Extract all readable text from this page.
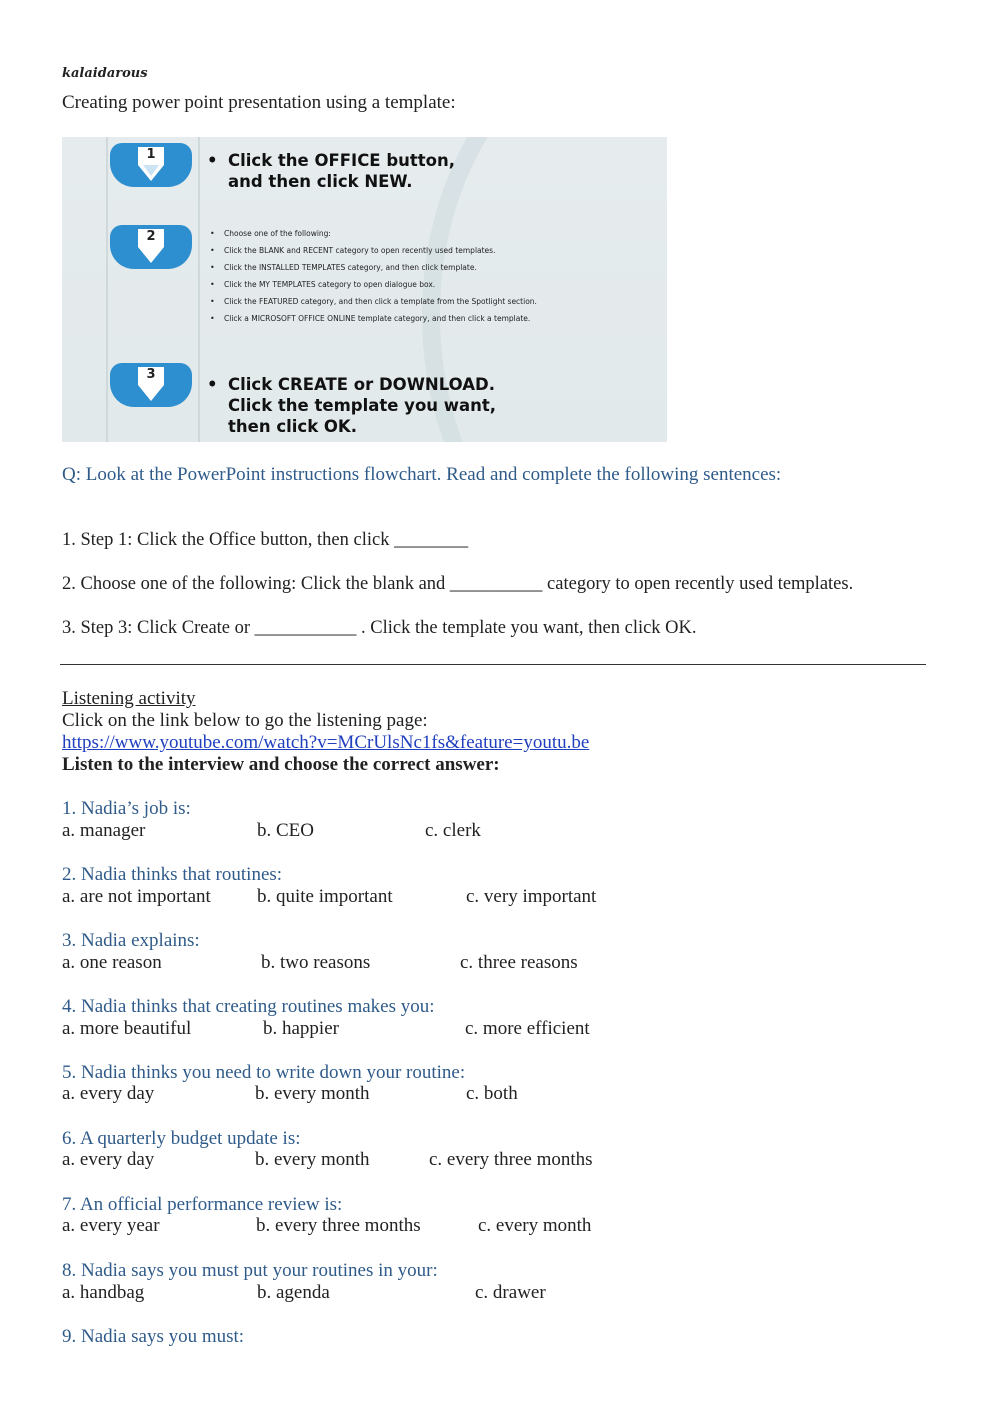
kalaidarous
Creating power point presentation using a template:
1

	• Click the OFFICE button,
and then click NEW.

2
•	Choose one of the following:
• Click the BLANK and RECENT category to open recently used templates.
• Click the INSTALLED TEMPLATES category, and then click template.
• Click the MY TEMPLATES category to open dialogue box.
• Click the FEATURED category, and then click a template from the Spotlight section.
• Click a MICROSOFT OFFICE ONLINE template category, and then click a template.
3

• Click CREATE or DOWNLOAD.
Click the template you want,
then click OK.

Q: Look at the PowerPoint instructions flowchart. Read and complete the following sentences:
1. Step 1: Click the Office button, then click ________
2. Choose one of the following: Click the blank and __________ category to open recently used templates.
3. Step 3: Click Create or ___________ . Click the template you want, then click OK.
Listening activity
Click on the link below to go the listening page:
https://www.youtube.com/watch?v=MCrUlsNc1fs&feature=youtu.be
Listen to the interview and choose the correct answer:
1. Nadia’s job is:
a. manager	b. CEO	c. clerk
2. Nadia thinks that routines:
a. are not important b. quite important	c. very important
3. Nadia explains:
a. one reason	b. two reasons	c. three reasons
4. Nadia thinks that creating routines makes you:
a. more beautiful	b. happier	c. more efficient
5. Nadia thinks you need to write down your routine:
a. every day	b. every month	c. both
6. A quarterly budget update is:
a. every day	b. every month	c. every three months
7. An official performance review is:
a. every year	b. every three months	c. every month
8. Nadia says you must put your routines in your:
a. handbag	b. agenda	c. drawer
9. Nadia says you must:
